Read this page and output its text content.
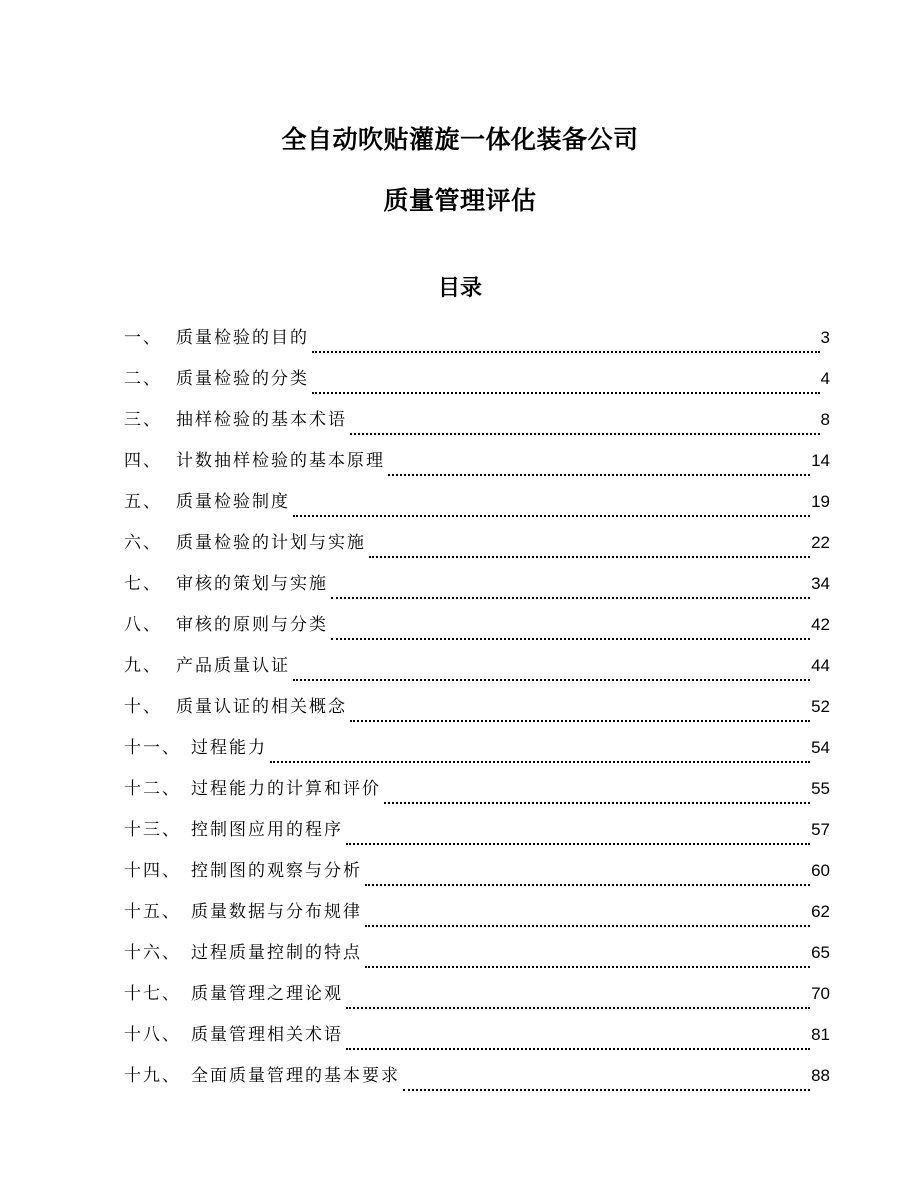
全自动吹贴灌旋一体化装备公司
质量管理评估
目录
一、 质量检验的目的	3
二、 质量检验的分类	4
三、 抽样检验的基本术语	8
四、 计数抽样检验的基本原理	14
五、 质量检验制度	19
六、 质量检验的计划与实施	22
七、 审核的策划与实施	34
八、 审核的原则与分类	42
九、 产品质量认证	44
十、 质量认证的相关概念	52
十一、 过程能力	54
十二、 过程能力的计算和评价	55
十三、 控制图应用的程序	57
十四、 控制图的观察与分析	60
十五、 质量数据与分布规律	62
十六、 过程质量控制的特点	65
十七、 质量管理之理论观	70
十八、 质量管理相关术语	81
十九、 全面质量管理的基本要求	88
